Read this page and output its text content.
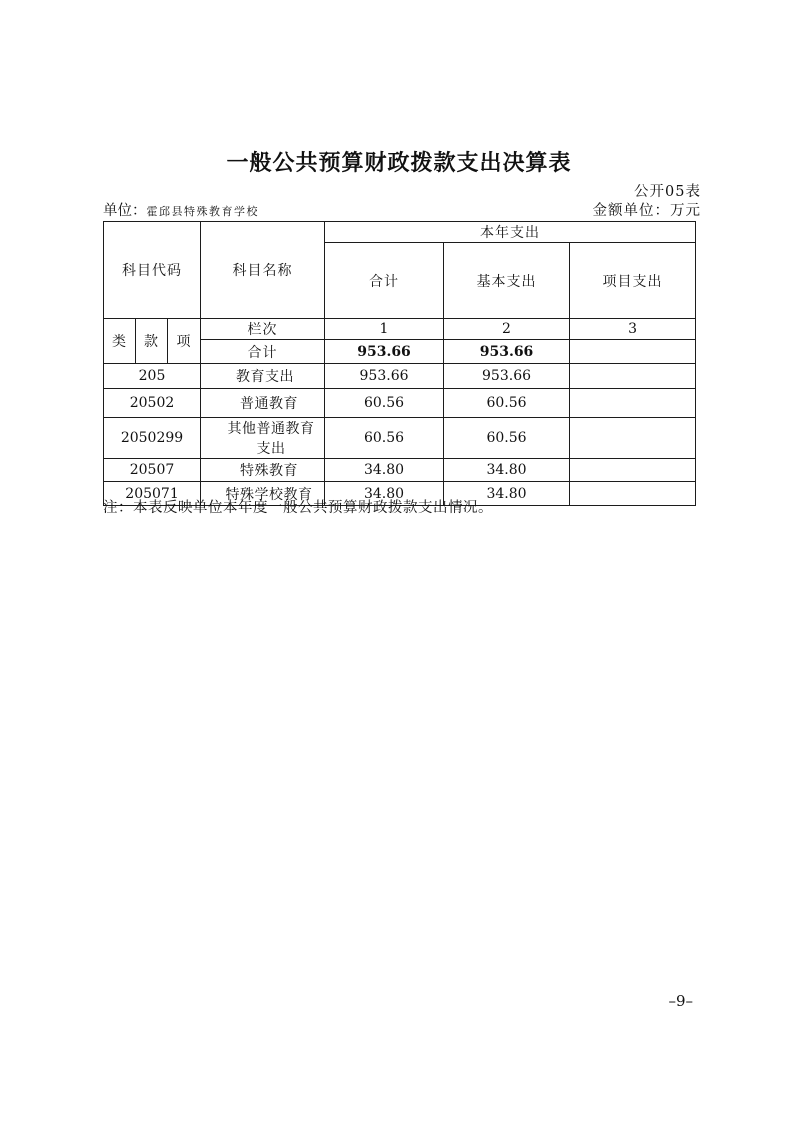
一般公共预算财政拨款支出决算表
公开05表
单位：霍邱县特殊教育学校	金额单位：万元
科目代码			科目名称	本年支出		
				合计	基本支出	项目支出
类	款	项	栏次	1	2	3
			合计	953.66	953.66	
205			教育支出	953.66	953.66	
20502			普通教育	60.56	60.56	
2050299			其他普通教育 支出	60.56	60.56	
20507			特殊教育	34.80	34.80	
205071			特殊学校教育	34.80	34.80	
注：本表反映单位本年度一般公共预算财政拨款支出情况。
–9–
